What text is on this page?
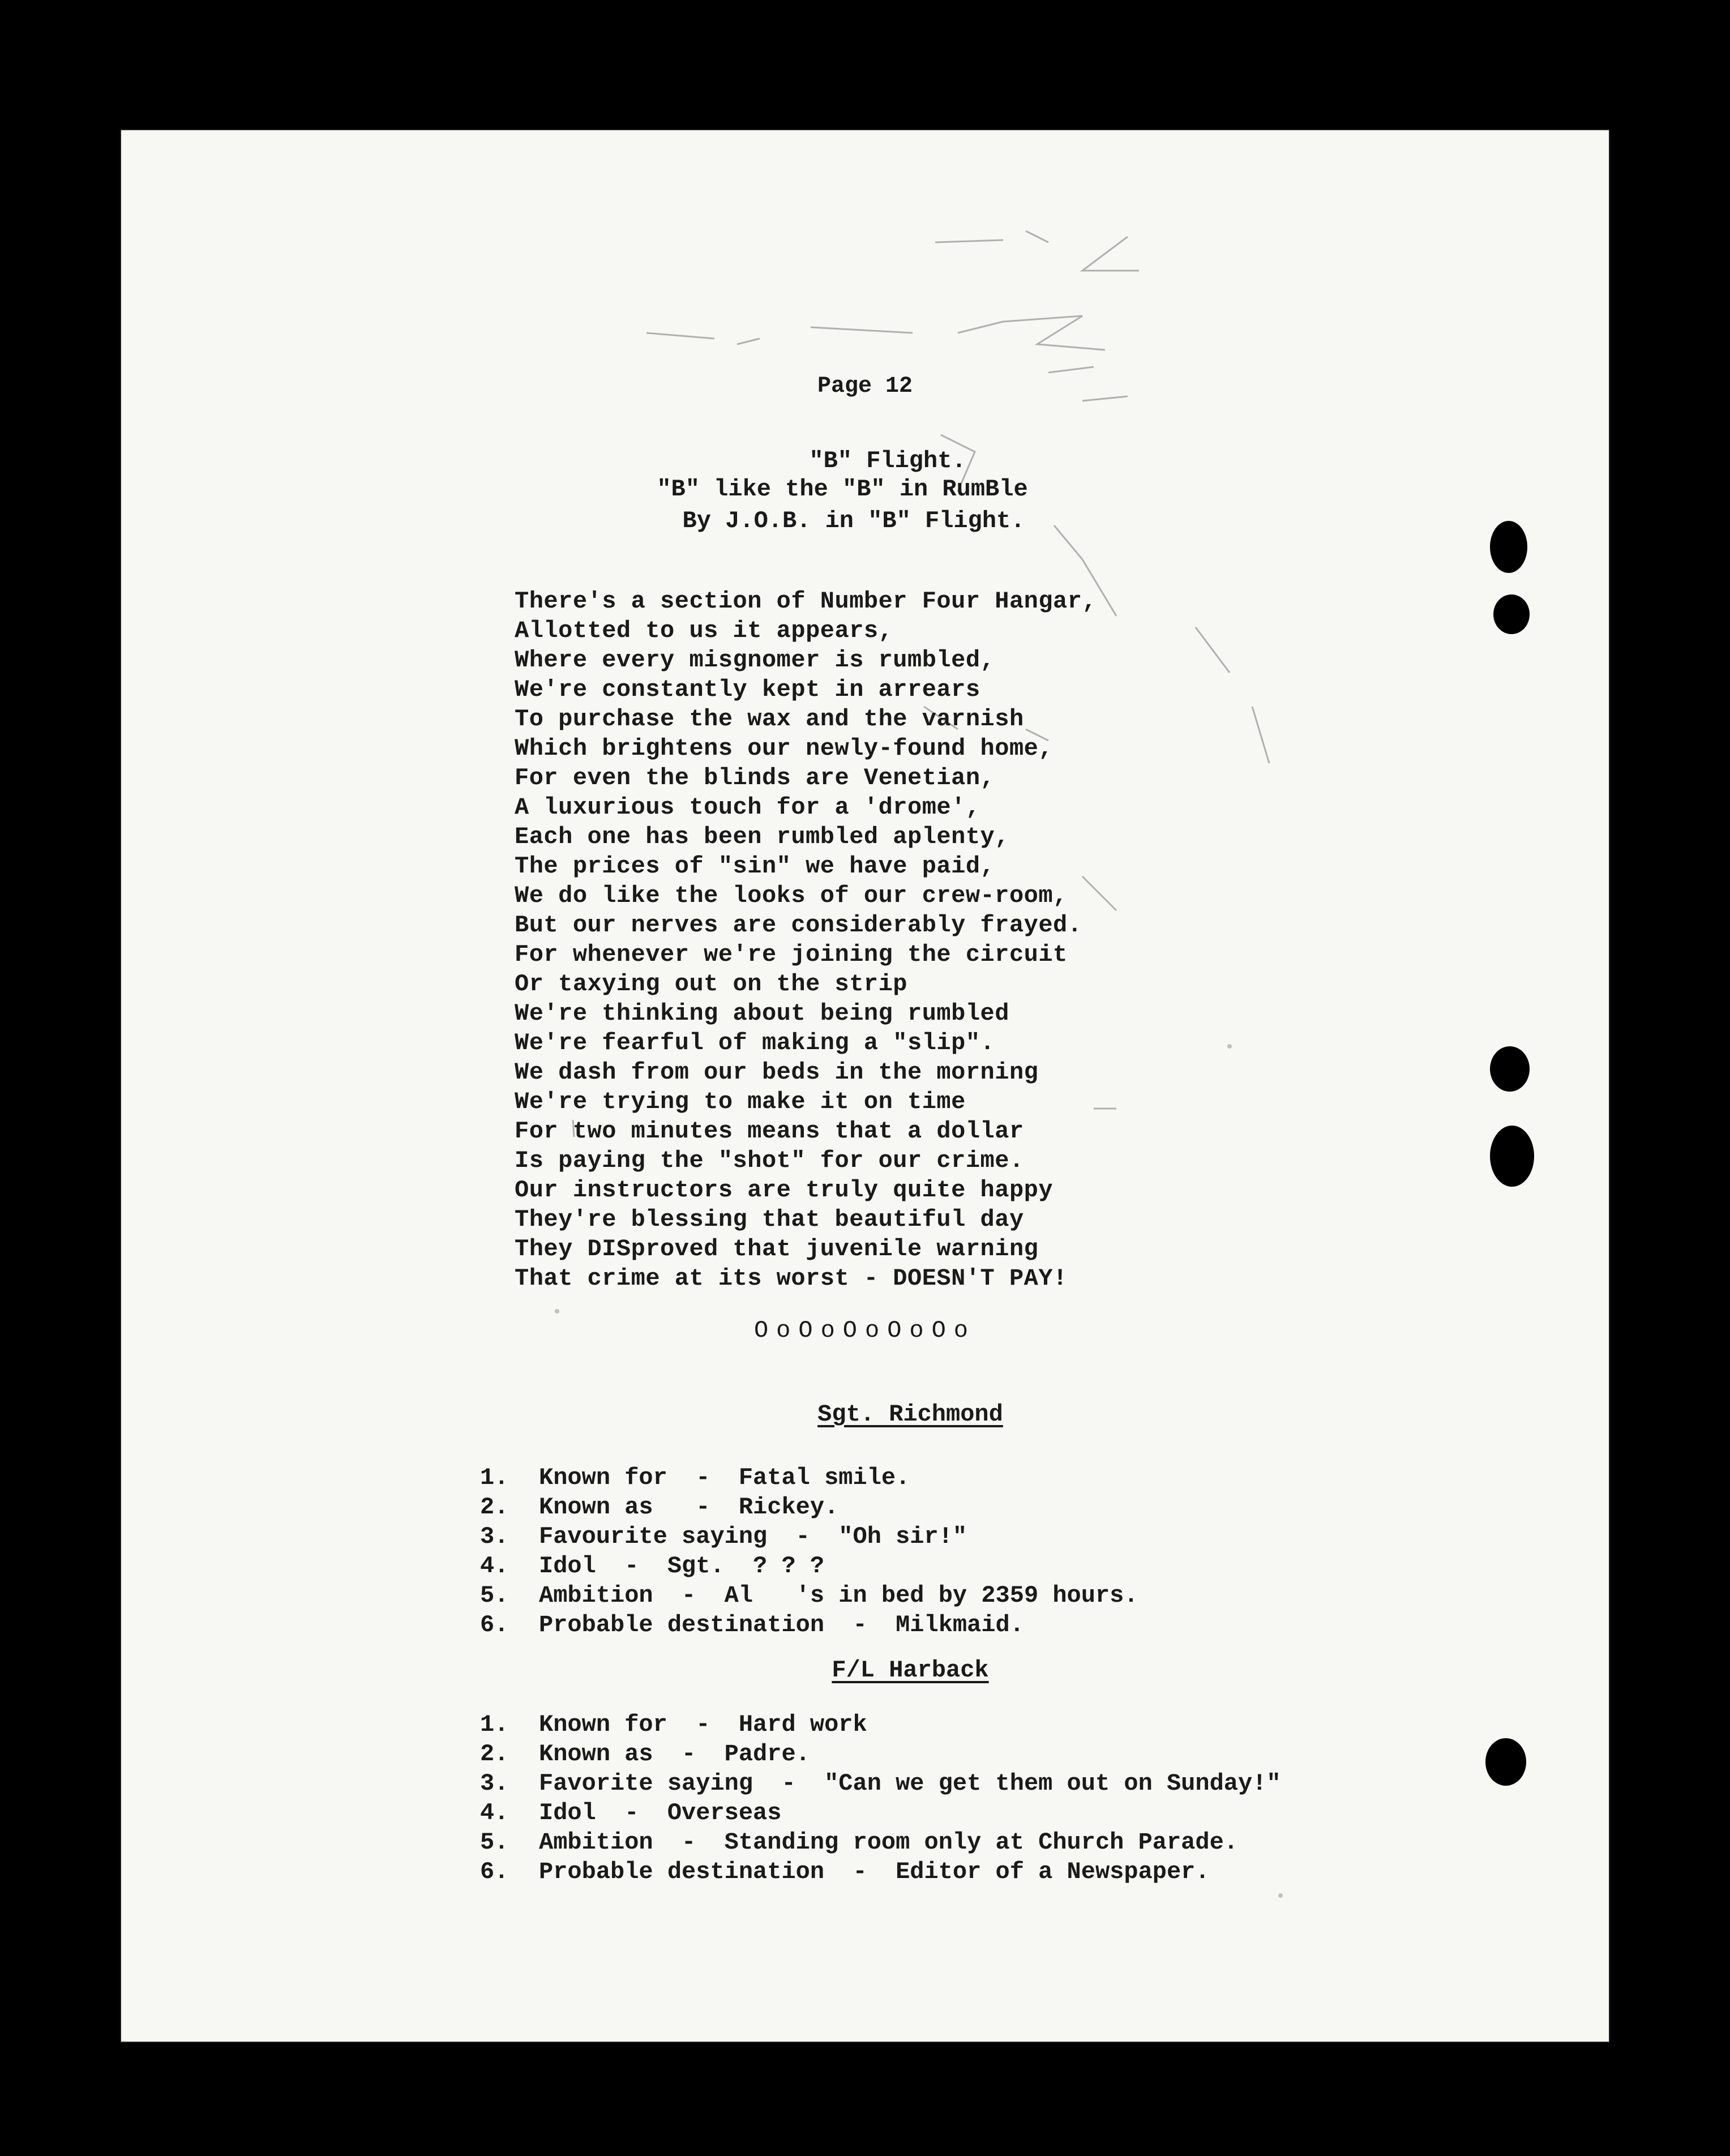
Page 12
"B" Flight.
"B" like the "B" in RumBle
By J.O.B. in "B" Flight.
There's a section of Number Four Hangar,
Allotted to us it appears,
Where every misgnomer is rumbled,
We're constantly kept in arrears
To purchase the wax and the varnish
Which brightens our newly-found home,
For even the blinds are Venetian,
A luxurious touch for a 'drome',
Each one has been rumbled aplenty,
The prices of "sin" we have paid,
We do like the looks of our crew-room,
But our nerves are considerably frayed.
For whenever we're joining the circuit
Or taxying out on the strip
We're thinking about being rumbled
We're fearful of making a "slip".
We dash from our beds in the morning
We're trying to make it on time
For two minutes means that a dollar
Is paying the "shot" for our crime.
Our instructors are truly quite happy
They're blessing that beautiful day
They DISproved that juvenile warning
That crime at its worst - DOESN'T PAY!
OoOoOoOoOo
Sgt. Richmond
1. Known for  -  Fatal smile.
2. Known as   -  Rickey.
3. Favourite saying  -  "Oh sir!"
4. Idol  -  Sgt.  ? ? ?
5. Ambition  -  Al   's in bed by 2359 hours.
6. Probable destination  -  Milkmaid.
F/L Harback
1. Known for  -  Hard work
2. Known as  -  Padre.
3. Favorite saying  -  "Can we get them out on Sunday!"
4. Idol  -  Overseas
5. Ambition  -  Standing room only at Church Parade.
6. Probable destination  -  Editor of a Newspaper.
